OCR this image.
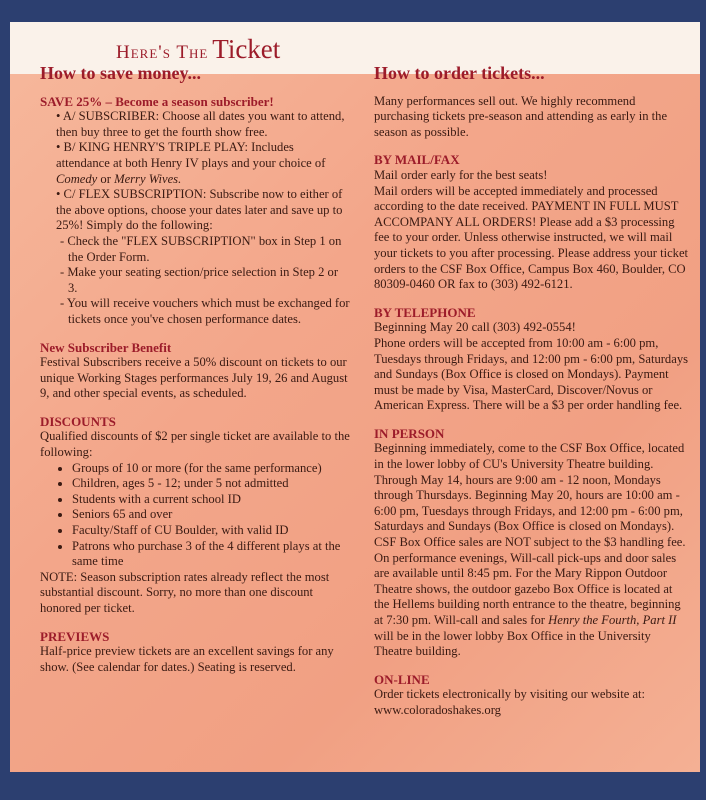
Here's The Ticket
How to save money...
SAVE 25% – Become a season subscriber!

• A/ SUBSCRIBER: Choose all dates you want to attend, then buy three to get the fourth show free.

• B/ KING HENRY'S TRIPLE PLAY: Includes attendance at both Henry IV plays and your choice of Comedy or Merry Wives.

• C/ FLEX SUBSCRIPTION: Subscribe now to either of the above options, choose your dates later and save up to 25%! Simply do the following:

- Check the "FLEX SUBSCRIPTION" box in Step 1 on the Order Form.

- Make your seating section/price selection in Step 2 or 3.

- You will receive vouchers which must be exchanged for tickets once you've chosen performance dates.

New Subscriber Benefit

Festival Subscribers receive a 50% discount on tickets to our unique Working Stages performances July 19, 26 and August 9, and other special events, as scheduled.

DISCOUNTS

Qualified discounts of $2 per single ticket are available to the following:

• Groups of 10 or more (for the same performance)
• Children, ages 5 - 12; under 5 not admitted
• Students with a current school ID
• Seniors 65 and over
• Faculty/Staff of CU Boulder, with valid ID
• Patrons who purchase 3 of the 4 different plays at the same time

NOTE: Season subscription rates already reflect the most substantial discount. Sorry, no more than one discount honored per ticket.

PREVIEWS

Half-price preview tickets are an excellent savings for any show. (See calendar for dates.) Seating is reserved.

How to order tickets...

Many performances sell out. We highly recommend purchasing tickets pre-season and attending as early in the season as possible.

BY MAIL/FAX

Mail order early for the best seats!

Mail orders will be accepted immediately and processed according to the date received. PAYMENT IN FULL MUST ACCOMPANY ALL ORDERS! Please add a $3 processing fee to your order. Unless otherwise instructed, we will mail your tickets to you after processing. Please address your ticket orders to the CSF Box Office, Campus Box 460, Boulder, CO 80309-0460 OR fax to (303) 492-6121.

BY TELEPHONE

Beginning May 20 call (303) 492-0554!

Phone orders will be accepted from 10:00 am - 6:00 pm, Tuesdays through Fridays, and 12:00 pm - 6:00 pm, Saturdays and Sundays (Box Office is closed on Mondays). Payment must be made by Visa, MasterCard, Discover/Novus or American Express. There will be a $3 per order handling fee.

IN PERSON

Beginning immediately, come to the CSF Box Office, located in the lower lobby of CU's University Theatre building. Through May 14, hours are 9:00 am - 12 noon, Mondays through Thursdays. Beginning May 20, hours are 10:00 am - 6:00 pm, Tuesdays through Fridays, and 12:00 pm - 6:00 pm, Saturdays and Sundays (Box Office is closed on Mondays). CSF Box Office sales are NOT subject to the $3 handling fee. On performance evenings, Will-call pick-ups and door sales are available until 8:45 pm. For the Mary Rippon Outdoor Theatre shows, the outdoor gazebo Box Office is located at the Hellems building north entrance to the theatre, beginning at 7:30 pm. Will-call and sales for Henry the Fourth, Part II will be in the lower lobby Box Office in the University Theatre building.

ON-LINE

Order tickets electronically by visiting our website at: www.coloradoshakes.org
